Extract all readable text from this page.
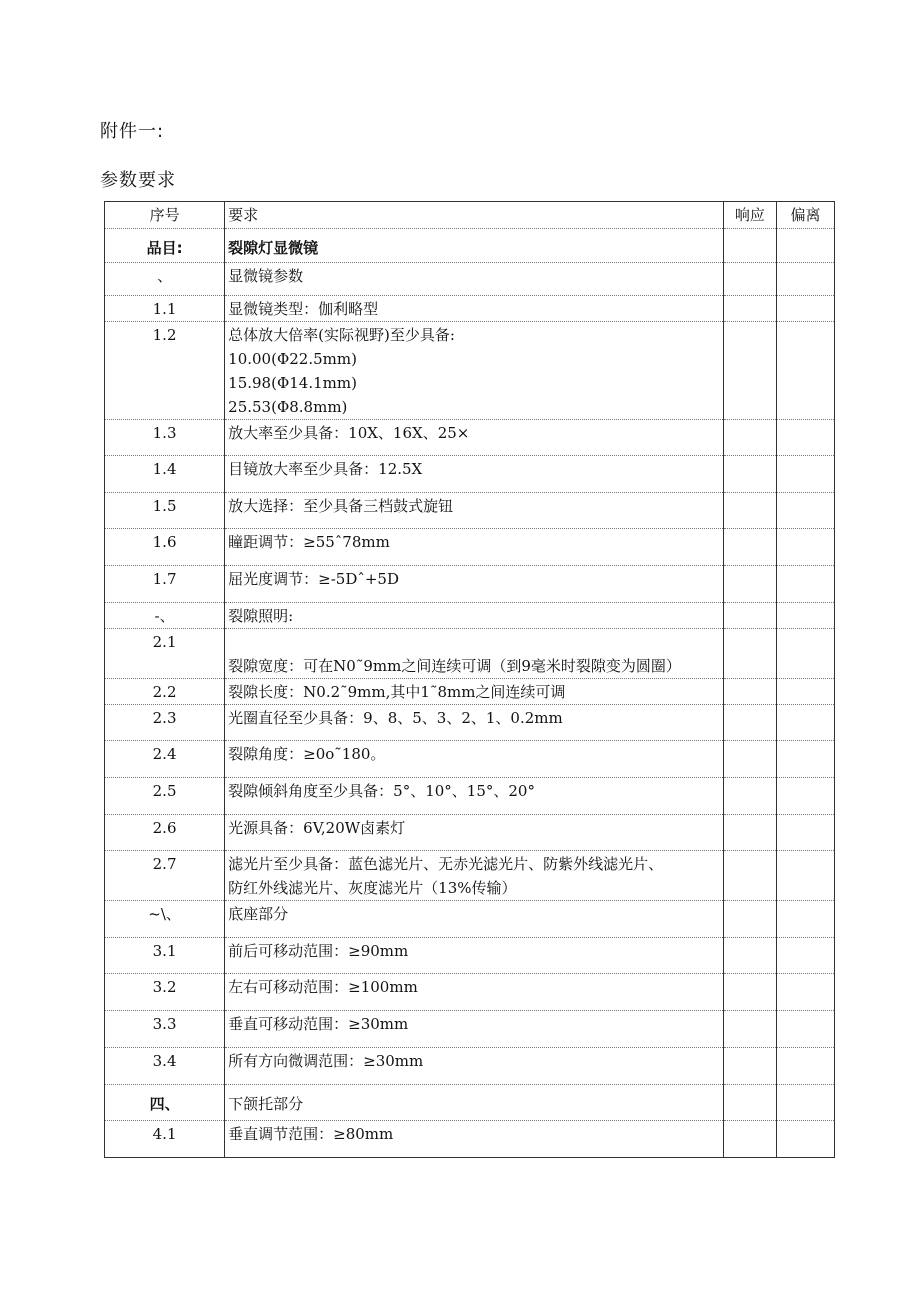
附件一:
参数要求
序号	要求	响应	偏离
品目:	裂隙灯显微镜		

、	显微镜参数		

1.1	显微镜类型：伽利略型		

1.2	总体放大倍率(实际视野)至少具备:
10.00(Φ22.5mm)
15.98(Φ14.1mm)
25.53(Φ8.8mm)		

1.3	放大率至少具备：10X、16X、25×		

1.4	目镜放大率至少具备：12.5X		

1.5	放大选择：至少具备三档鼓式旋钮		

1.6	瞳距调节：≥55ˆ78mm		

1.7	屈光度调节：≥-5Dˆ+5D		

-、	裂隙照明:		

2.1	裂隙宽度：可在N0˜9mm之间连续可调（到9毫米时裂隙变为圆圈）		

2.2	裂隙长度：N0.2˜9mm,其中1˜8mm之间连续可调		

2.3	光圈直径至少具备：9、8、5、3、2、1、0.2mm		

2.4	裂隙角度：≥0o˜180。		

2.5	裂隙倾斜角度至少具备：5°、10°、15°、20°		

2.6	光源具备：6V,20W卤素灯		

2.7	滤光片至少具备：蓝色滤光片、无赤光滤光片、防紫外线滤光片、
防红外线滤光片、灰度滤光片（13%传输）		

~\、	底座部分		

3.1	前后可移动范围：≥90mm		

3.2	左右可移动范围：≥100mm		

3.3	垂直可移动范围：≥30mm		

3.4	所有方向微调范围：≥30mm		

四、	下颌托部分		

4.1	垂直调节范围：≥80mm		
